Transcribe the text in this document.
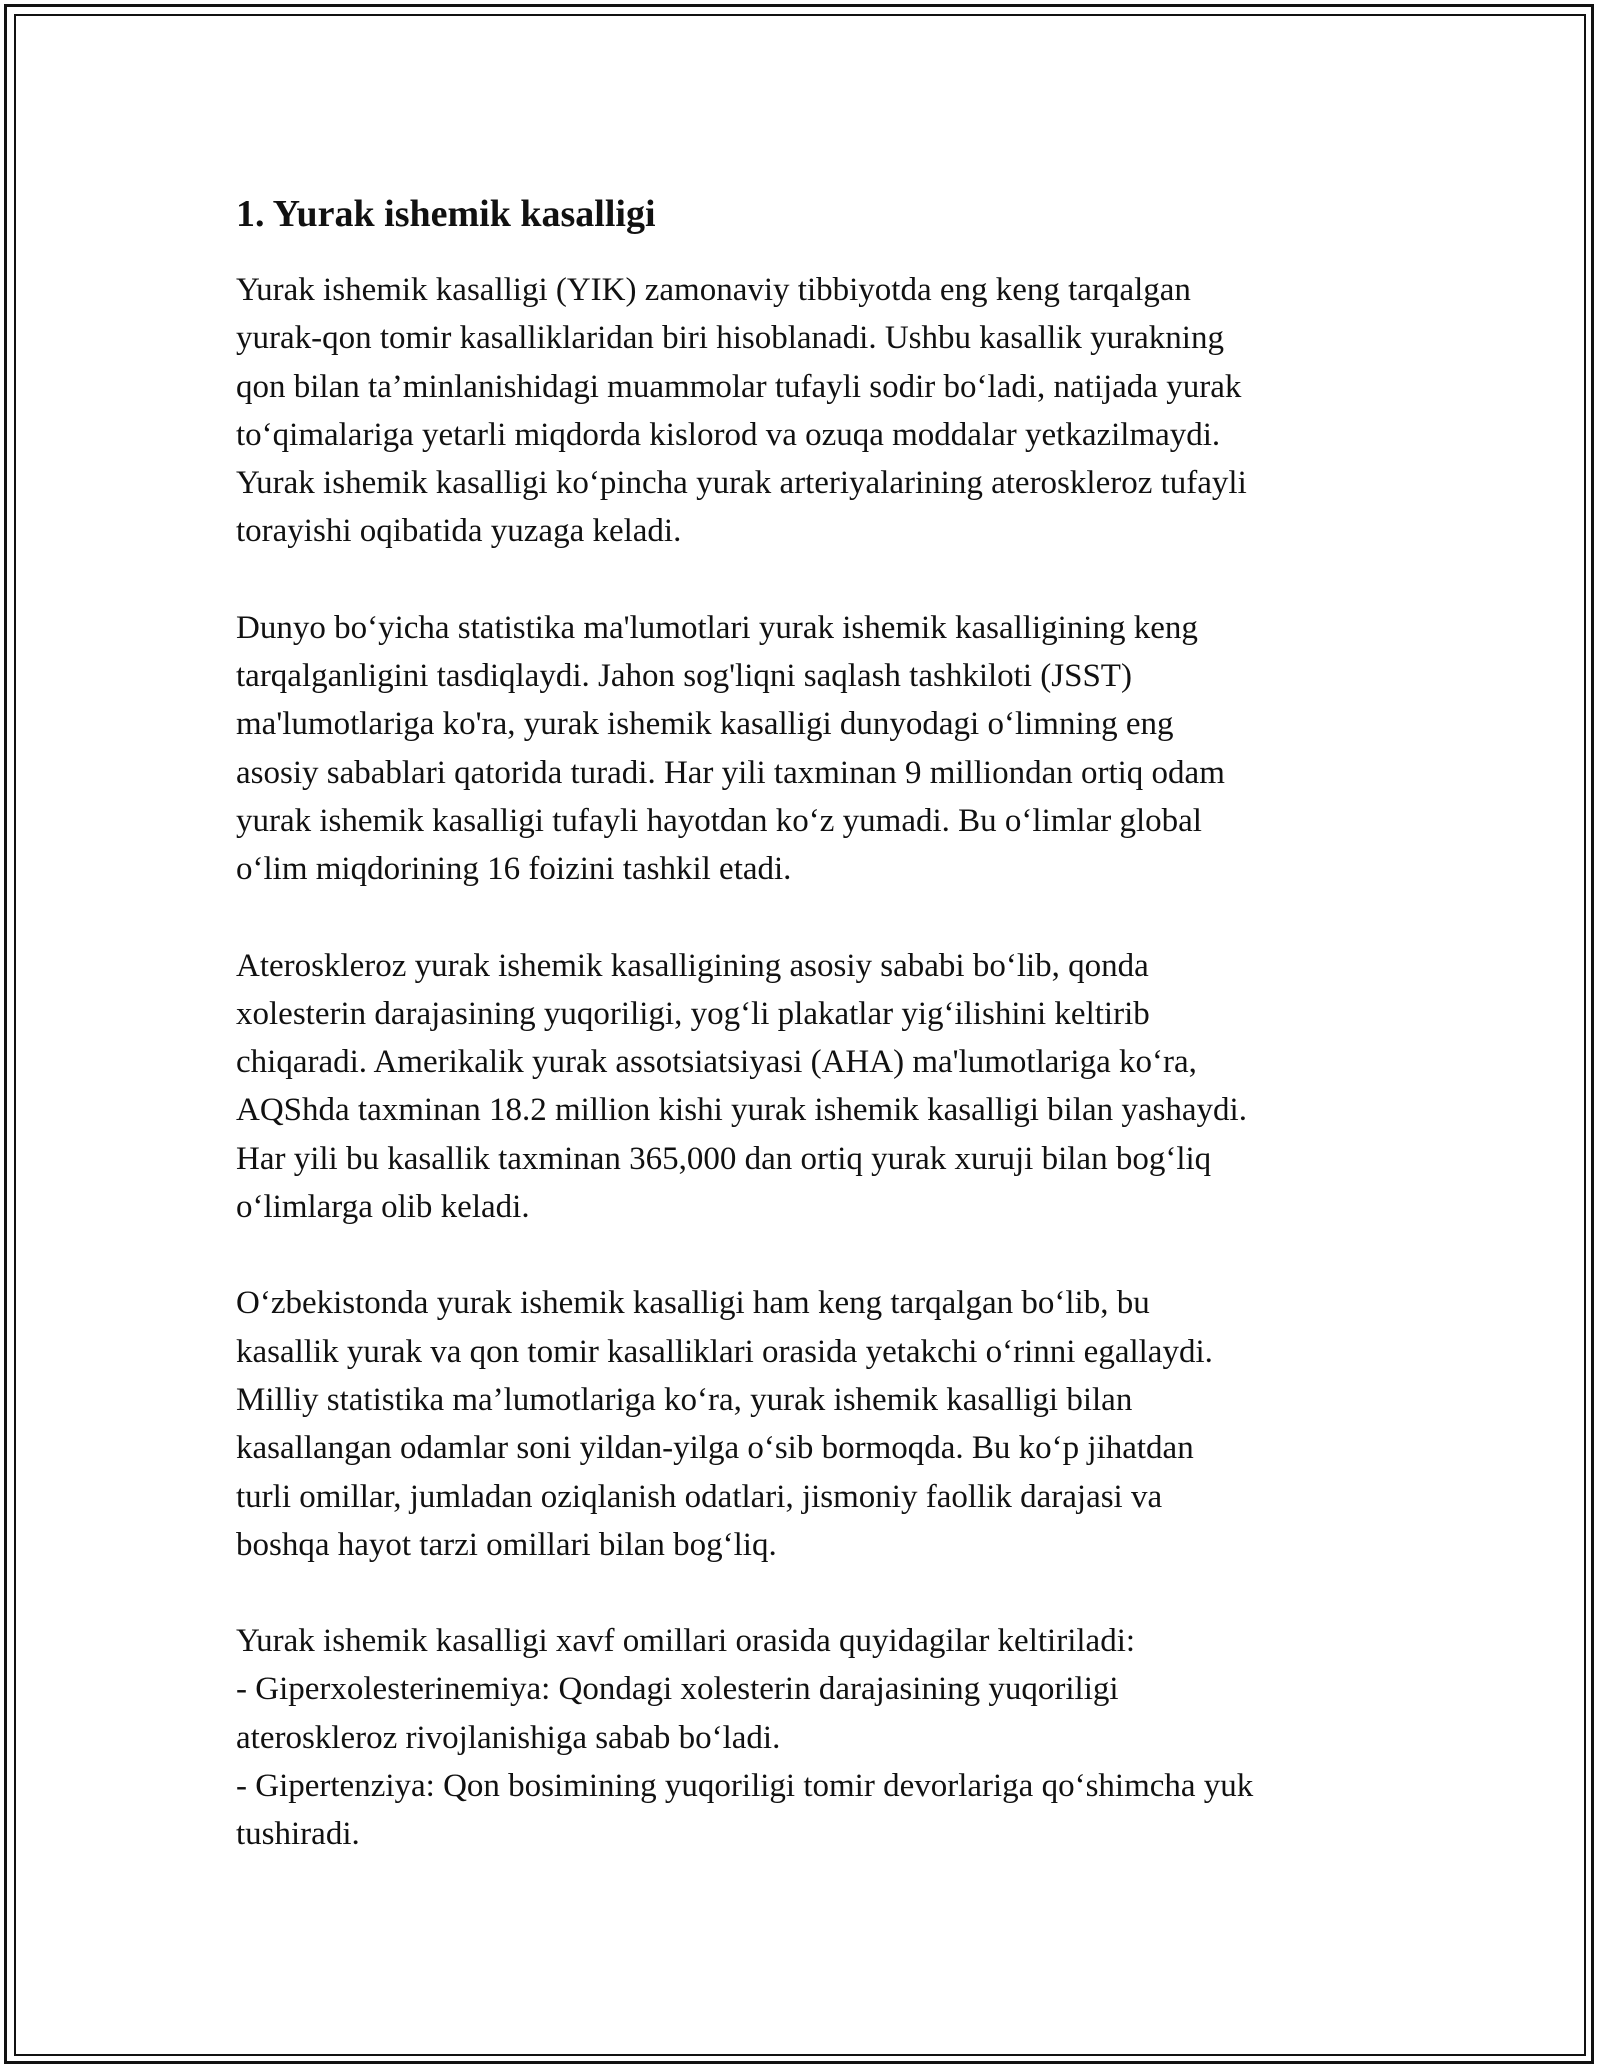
1. Yurak ishemik kasalligi

Yurak ishemik kasalligi (YIK) zamonaviy tibbiyotda eng keng tarqalgan
yurak-qon tomir kasalliklaridan biri hisoblanadi. Ushbu kasallik yurakning
qon bilan ta’minlanishidagi muammolar tufayli sodir bo‘ladi, natijada yurak
to‘qimalariga yetarli miqdorda kislorod va ozuqa moddalar yetkazilmaydi.
Yurak ishemik kasalligi ko‘pincha yurak arteriyalarining ateroskleroz tufayli
torayishi oqibatida yuzaga keladi.

Dunyo bo‘yicha statistika ma'lumotlari yurak ishemik kasalligining keng
tarqalganligini tasdiqlaydi. Jahon sog'liqni saqlash tashkiloti (JSST)
ma'lumotlariga ko'ra, yurak ishemik kasalligi dunyodagi o‘limning eng
asosiy sabablari qatorida turadi. Har yili taxminan 9 milliondan ortiq odam
yurak ishemik kasalligi tufayli hayotdan ko‘z yumadi. Bu o‘limlar global
o‘lim miqdorining 16 foizini tashkil etadi.

Ateroskleroz yurak ishemik kasalligining asosiy sababi bo‘lib, qonda
xolesterin darajasining yuqoriligi, yog‘li plakatlar yig‘ilishini keltirib
chiqaradi. Amerikalik yurak assotsiatsiyasi (AHA) ma'lumotlariga ko‘ra,
AQShda taxminan 18.2 million kishi yurak ishemik kasalligi bilan yashaydi.
Har yili bu kasallik taxminan 365,000 dan ortiq yurak xuruji bilan bog‘liq
o‘limlarga olib keladi.

O‘zbekistonda yurak ishemik kasalligi ham keng tarqalgan bo‘lib, bu
kasallik yurak va qon tomir kasalliklari orasida yetakchi o‘rinni egallaydi.
Milliy statistika ma’lumotlariga ko‘ra, yurak ishemik kasalligi bilan
kasallangan odamlar soni yildan-yilga o‘sib bormoqda. Bu ko‘p jihatdan
turli omillar, jumladan oziqlanish odatlari, jismoniy faollik darajasi va
boshqa hayot tarzi omillari bilan bog‘liq.

Yurak ishemik kasalligi xavf omillari orasida quyidagilar keltiriladi:
- Giperxolesterinemiya: Qondagi xolesterin darajasining yuqoriligi
ateroskleroz rivojlanishiga sabab bo‘ladi.
- Gipertenziya: Qon bosimining yuqoriligi tomir devorlariga qo‘shimcha yuk
tushiradi.
